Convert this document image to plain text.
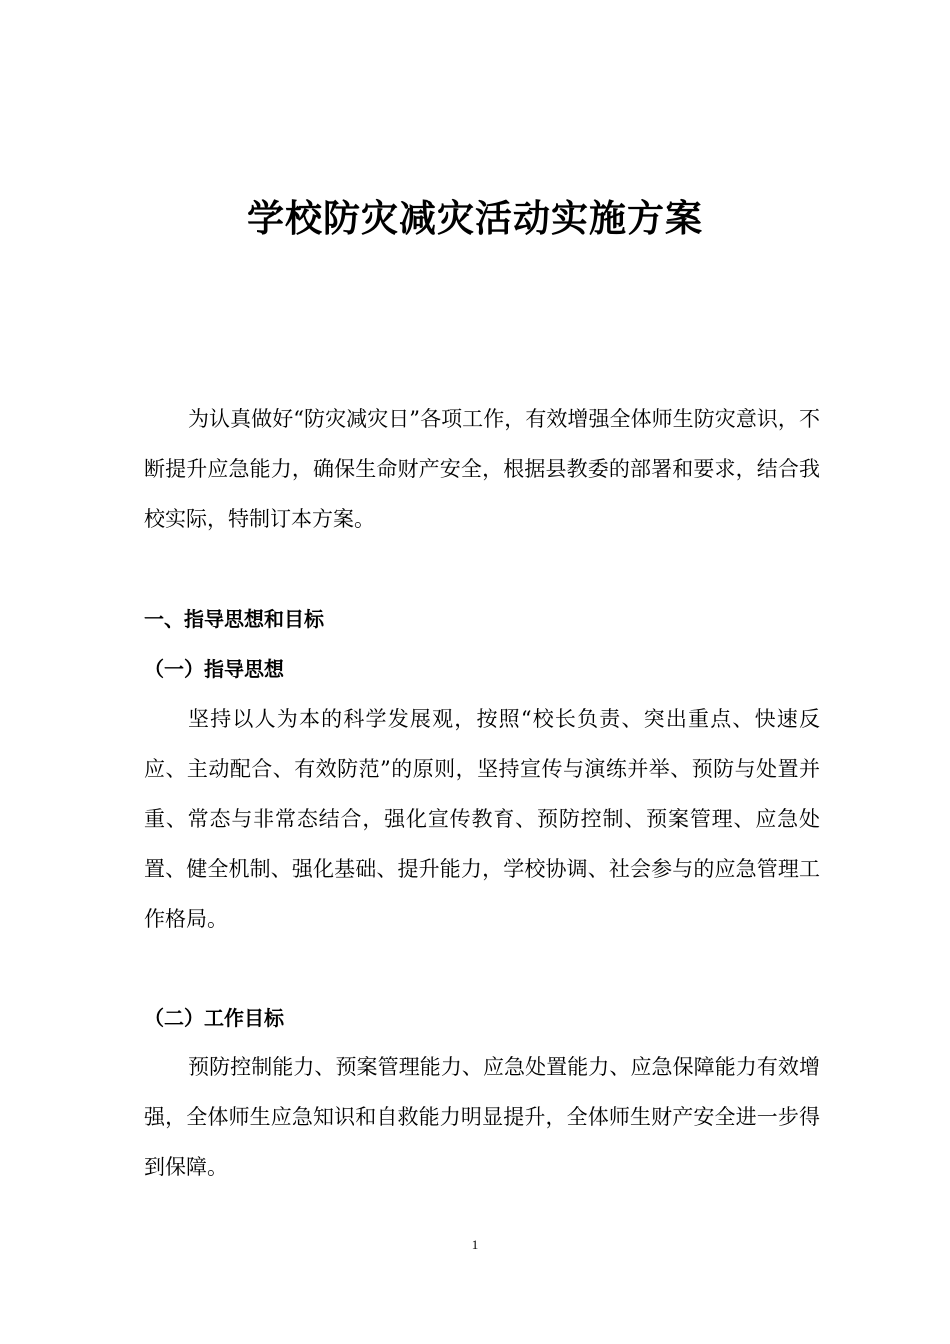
学校防灾减灾活动实施方案

为认真做好“防灾减灾日”各项工作，有效增强全体师生防灾意识，不断提升应急能力，确保生命财产安全，根据县教委的部署和要求，结合我校实际，特制订本方案。

一、指导思想和目标
（一）指导思想

坚持以人为本的科学发展观，按照“校长负责、突出重点、快速反应、主动配合、有效防范”的原则，坚持宣传与演练并举、预防与处置并重、常态与非常态结合，强化宣传教育、预防控制、预案管理、应急处置、健全机制、强化基础、提升能力，学校协调、社会参与的应急管理工作格局。

（二）工作目标

预防控制能力、预案管理能力、应急处置能力、应急保障能力有效增强，全体师生应急知识和自救能力明显提升，全体师生财产安全进一步得到保障。

1
